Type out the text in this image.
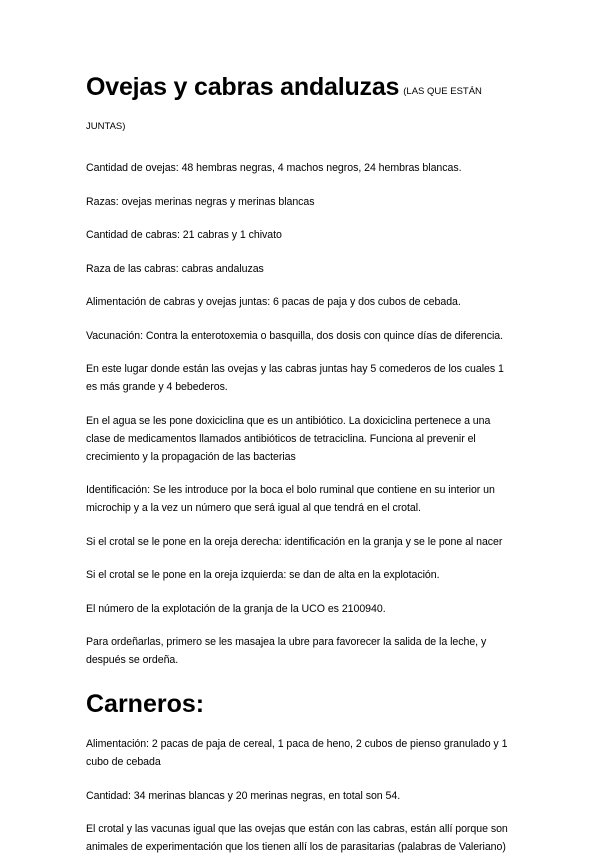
Ovejas y cabras andaluzas (LAS QUE ESTÁN JUNTAS)

Cantidad de ovejas: 48 hembras negras, 4 machos negros, 24 hembras blancas.

Razas: ovejas merinas negras y merinas blancas

Cantidad de cabras: 21 cabras y 1 chivato

Raza de las cabras: cabras andaluzas

Alimentación de cabras y ovejas juntas: 6 pacas de paja y dos cubos de cebada.

Vacunación: Contra la enterotoxemia o basquilla, dos dosis con quince días de diferencia.

En este lugar donde están las ovejas y las cabras juntas hay 5 comederos de los cuales 1 es más grande y 4 bebederos.

En el agua se les pone doxiciclina que es un antibiótico. La doxiciclina pertenece a una clase de medicamentos llamados antibióticos de tetraciclina. Funciona al prevenir el crecimiento y la propagación de las bacterias

Identificación: Se les introduce por la boca el bolo ruminal que contiene en su interior un microchip y a la vez un número que será igual al que tendrá en el crotal.

Si el crotal se le pone en la oreja derecha: identificación en la granja y se le pone al nacer

Si el crotal se le pone en la oreja izquierda: se dan de alta en la explotación.

El número de la explotación de la granja de la UCO es 2100940.

Para ordeñarlas, primero se les masajea la ubre para favorecer la salida de la leche, y después se ordeña.

Carneros:

Alimentación: 2 pacas de paja de cereal, 1 paca de heno, 2 cubos de pienso granulado y 1 cubo de cebada

Cantidad: 34 merinas blancas y 20 merinas negras, en total son 54.

El crotal y las vacunas igual que las ovejas que están con las cabras, están allí porque son animales de experimentación que los tienen allí los de parasitarias (palabras de Valeriano)
